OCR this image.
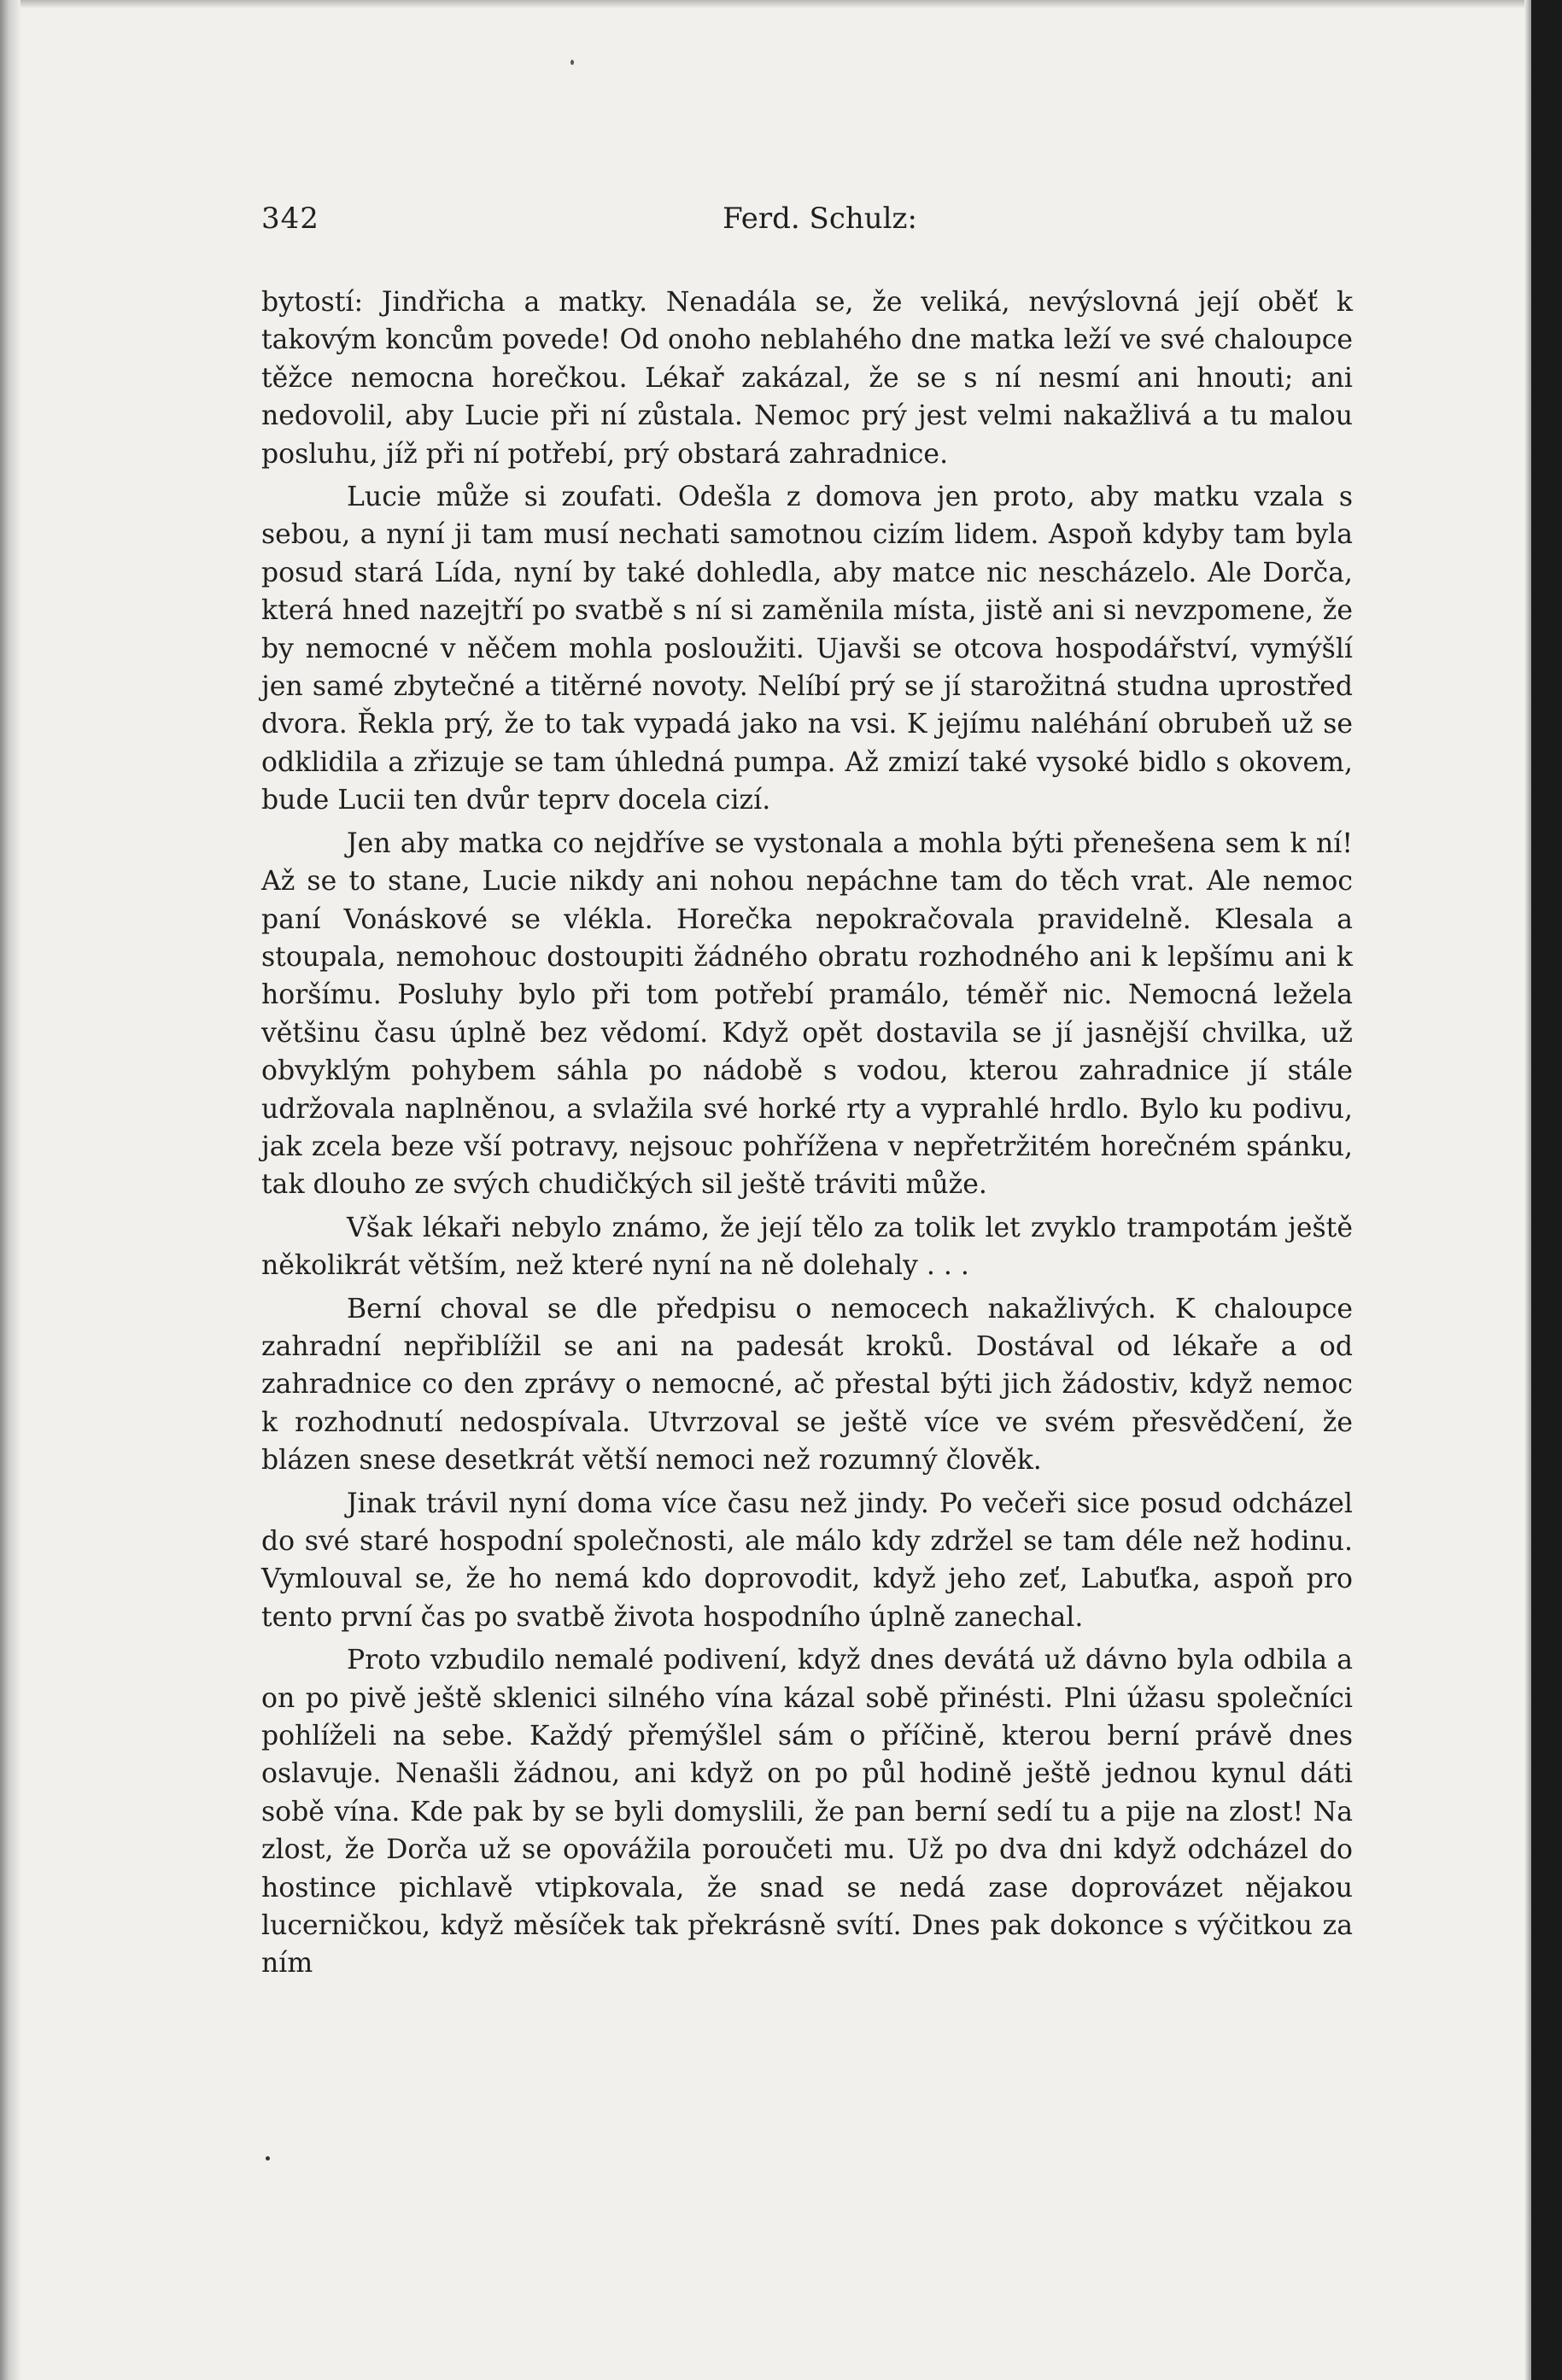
342	Ferd. Schulz:

bytostí: Jindřicha a matky. Nenadála se, že veliká, nevýslovná její oběť k takovým koncům povede! Od onoho neblahého dne matka leží ve své chaloupce těžce nemocna horečkou. Lékař zakázal, že se s ní nesmí ani hnouti; ani nedovolil, aby Lucie při ní zůstala. Nemoc prý jest velmi nakažlivá a tu malou posluhu, jíž při ní potřebí, prý obstará zahradnice.

Lucie může si zoufati. Odešla z domova jen proto, aby matku vzala s sebou, a nyní ji tam musí nechati samotnou cizím lidem. Aspoň kdyby tam byla posud stará Lída, nyní by také dohledla, aby matce nic nescházelo. Ale Dorča, která hned nazejtří po svatbě s ní si zaměnila místa, jistě ani si nevzpomene, že by nemocné v něčem mohla posloužiti. Ujavši se otcova hospodářství, vymýšlí jen samé zbytečné a titěrné novoty. Nelíbí prý se jí starožitná studna uprostřed dvora. Řekla prý, že to tak vypadá jako na vsi. K jejímu naléhání obrubeň už se odklidila a zřizuje se tam úhledná pumpa. Až zmizí také vysoké bidlo s okovem, bude Lucii ten dvůr teprv docela cizí.

Jen aby matka co nejdříve se vystonala a mohla býti přenešena sem k ní! Až se to stane, Lucie nikdy ani nohou nepáchne tam do těch vrat. Ale nemoc paní Vonáskové se vlékla. Horečka nepokračovala pravidelně. Klesala a stoupala, nemohouc dostoupiti žádného obratu rozhodného ani k lepšímu ani k horšímu. Posluhy bylo při tom potřebí pramálo, téměř nic. Nemocná ležela většinu času úplně bez vědomí. Když opět dostavila se jí jasnější chvilka, už obvyklým pohybem sáhla po nádobě s vodou, kterou zahradnice jí stále udržovala naplněnou, a svlažila své horké rty a vyprahlé hrdlo. Bylo ku podivu, jak zcela beze vší potravy, nejsouc pohřížena v nepřetržitém horečném spánku, tak dlouho ze svých chudičkých sil ještě tráviti může.

Však lékaři nebylo známo, že její tělo za tolik let zvyklo trampotám ještě několikrát větším, než které nyní na ně dolehaly . . .

Berní choval se dle předpisu o nemocech nakažlivých. K chaloupce zahradní nepřiblížil se ani na padesát kroků. Dostával od lékaře a od zahradnice co den zprávy o nemocné, ač přestal býti jich žádostiv, když nemoc k rozhodnutí nedospívala. Utvrzoval se ještě více ve svém přesvědčení, že blázen snese desetkrát větší nemoci než rozumný člověk.

Jinak trávil nyní doma více času než jindy. Po večeři sice posud odcházel do své staré hospodní společnosti, ale málo kdy zdržel se tam déle než hodinu. Vymlouval se, že ho nemá kdo doprovodit, když jeho zeť, Labuťka, aspoň pro tento první čas po svatbě života hospodního úplně zanechal.

Proto vzbudilo nemalé podivení, když dnes devátá už dávno byla odbila a on po pivě ještě sklenici silného vína kázal sobě přinésti. Plni úžasu společníci pohlíželi na sebe. Každý přemýšlel sám o příčině, kterou berní právě dnes oslavuje. Nenašli žádnou, ani když on po půl hodině ještě jednou kynul dáti sobě vína. Kde pak by se byli domyslili, že pan berní sedí tu a pije na zlost! Na zlost, že Dorča už se opovážila poroučeti mu. Už po dva dni když odcházel do hostince pichlavě vtipkovala, že snad se nedá zase doprovázet nějakou lucerničkou, když měsíček tak překrásně svítí. Dnes pak dokonce s výčitkou za ním
